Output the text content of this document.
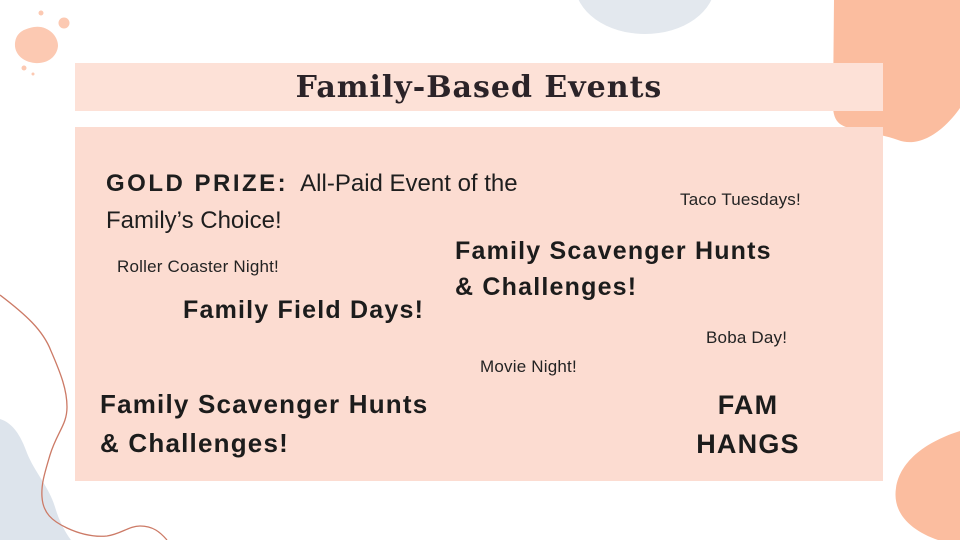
Family-Based Events
GOLD PRIZE: All-Paid Event of the
Family’s Choice!
Taco Tuesdays!
Family Scavenger Hunts
& Challenges!
Roller Coaster Night!
Family Field Days!
Boba Day!
Movie Night!
Family Scavenger Hunts
& Challenges!
FAM
HANGS
